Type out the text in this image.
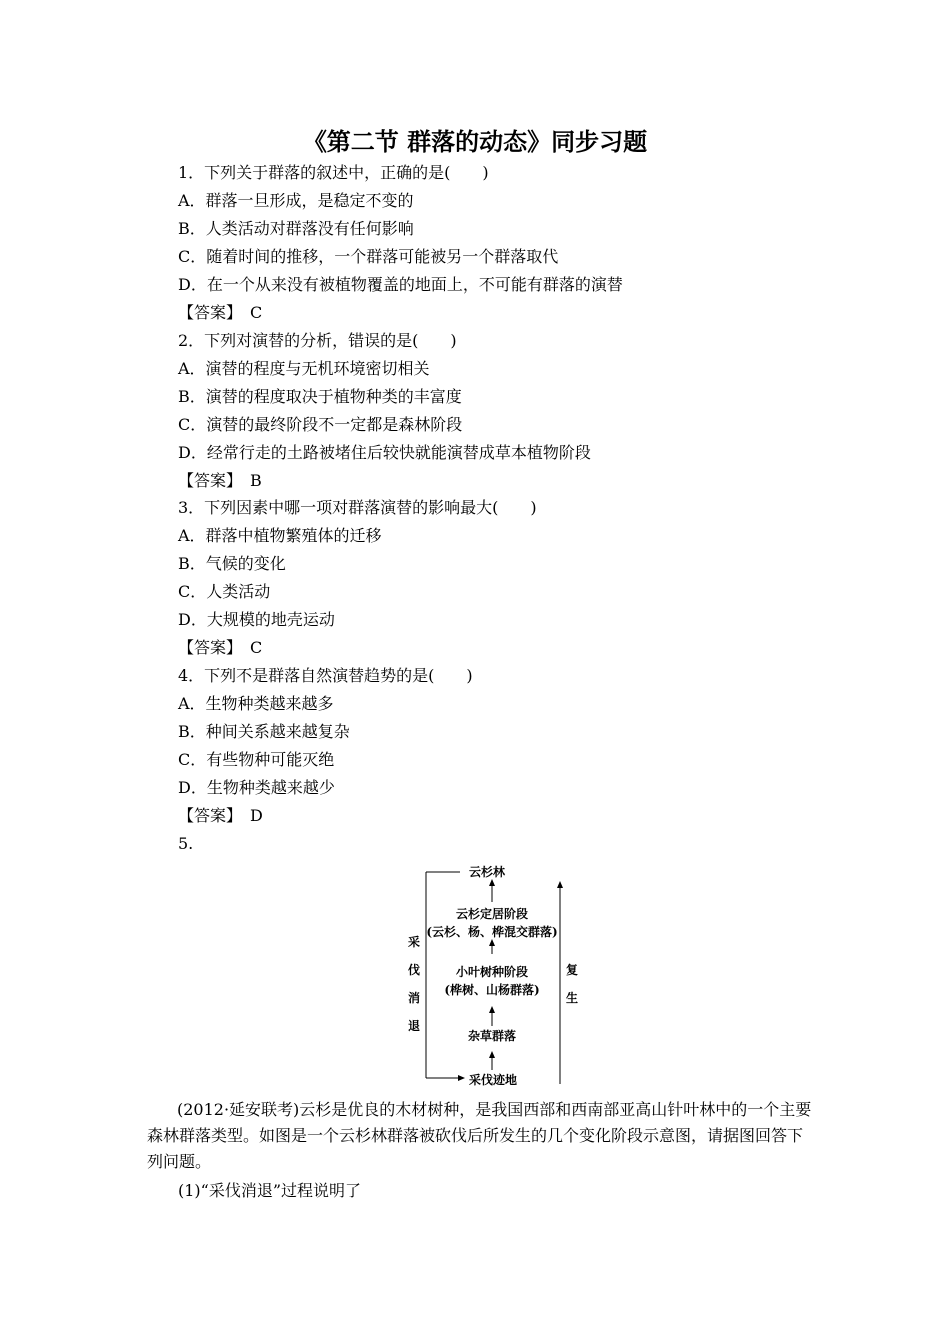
《第二节 群落的动态》同步习题
1．下列关于群落的叙述中，正确的是(　　)
A．群落一旦形成，是稳定不变的
B．人类活动对群落没有任何影响
C．随着时间的推移，一个群落可能被另一个群落取代
D．在一个从来没有被植物覆盖的地面上，不可能有群落的演替
【答案】　C
2．下列对演替的分析，错误的是(　　)
A．演替的程度与无机环境密切相关
B．演替的程度取决于植物种类的丰富度
C．演替的最终阶段不一定都是森林阶段
D．经常行走的土路被堵住后较快就能演替成草本植物阶段
【答案】　B
3．下列因素中哪一项对群落演替的影响最大(　　)
A．群落中植物繁殖体的迁移
B．气候的变化
C．人类活动
D．大规模的地壳运动
【答案】　C
4．下列不是群落自然演替趋势的是(　　)
A．生物种类越来越多
B．种间关系越来越复杂
C．有些物种可能灭绝
D．生物种类越来越少
【答案】　D
5.
云杉林
云杉定居阶段
(云杉、杨、桦混交群落)
小叶树种阶段
(桦树、山杨群落)
杂草群落
采伐迹地
采
伐
消
退
复
生
(2012·延安联考)云杉是优良的木材树种，是我国西部和西南部亚高山针叶林中的一个主要森林群落类型。如图是一个云杉林群落被砍伐后所发生的几个变化阶段示意图，请据图回答下列问题。
(1)“采伐消退”过程说明了
